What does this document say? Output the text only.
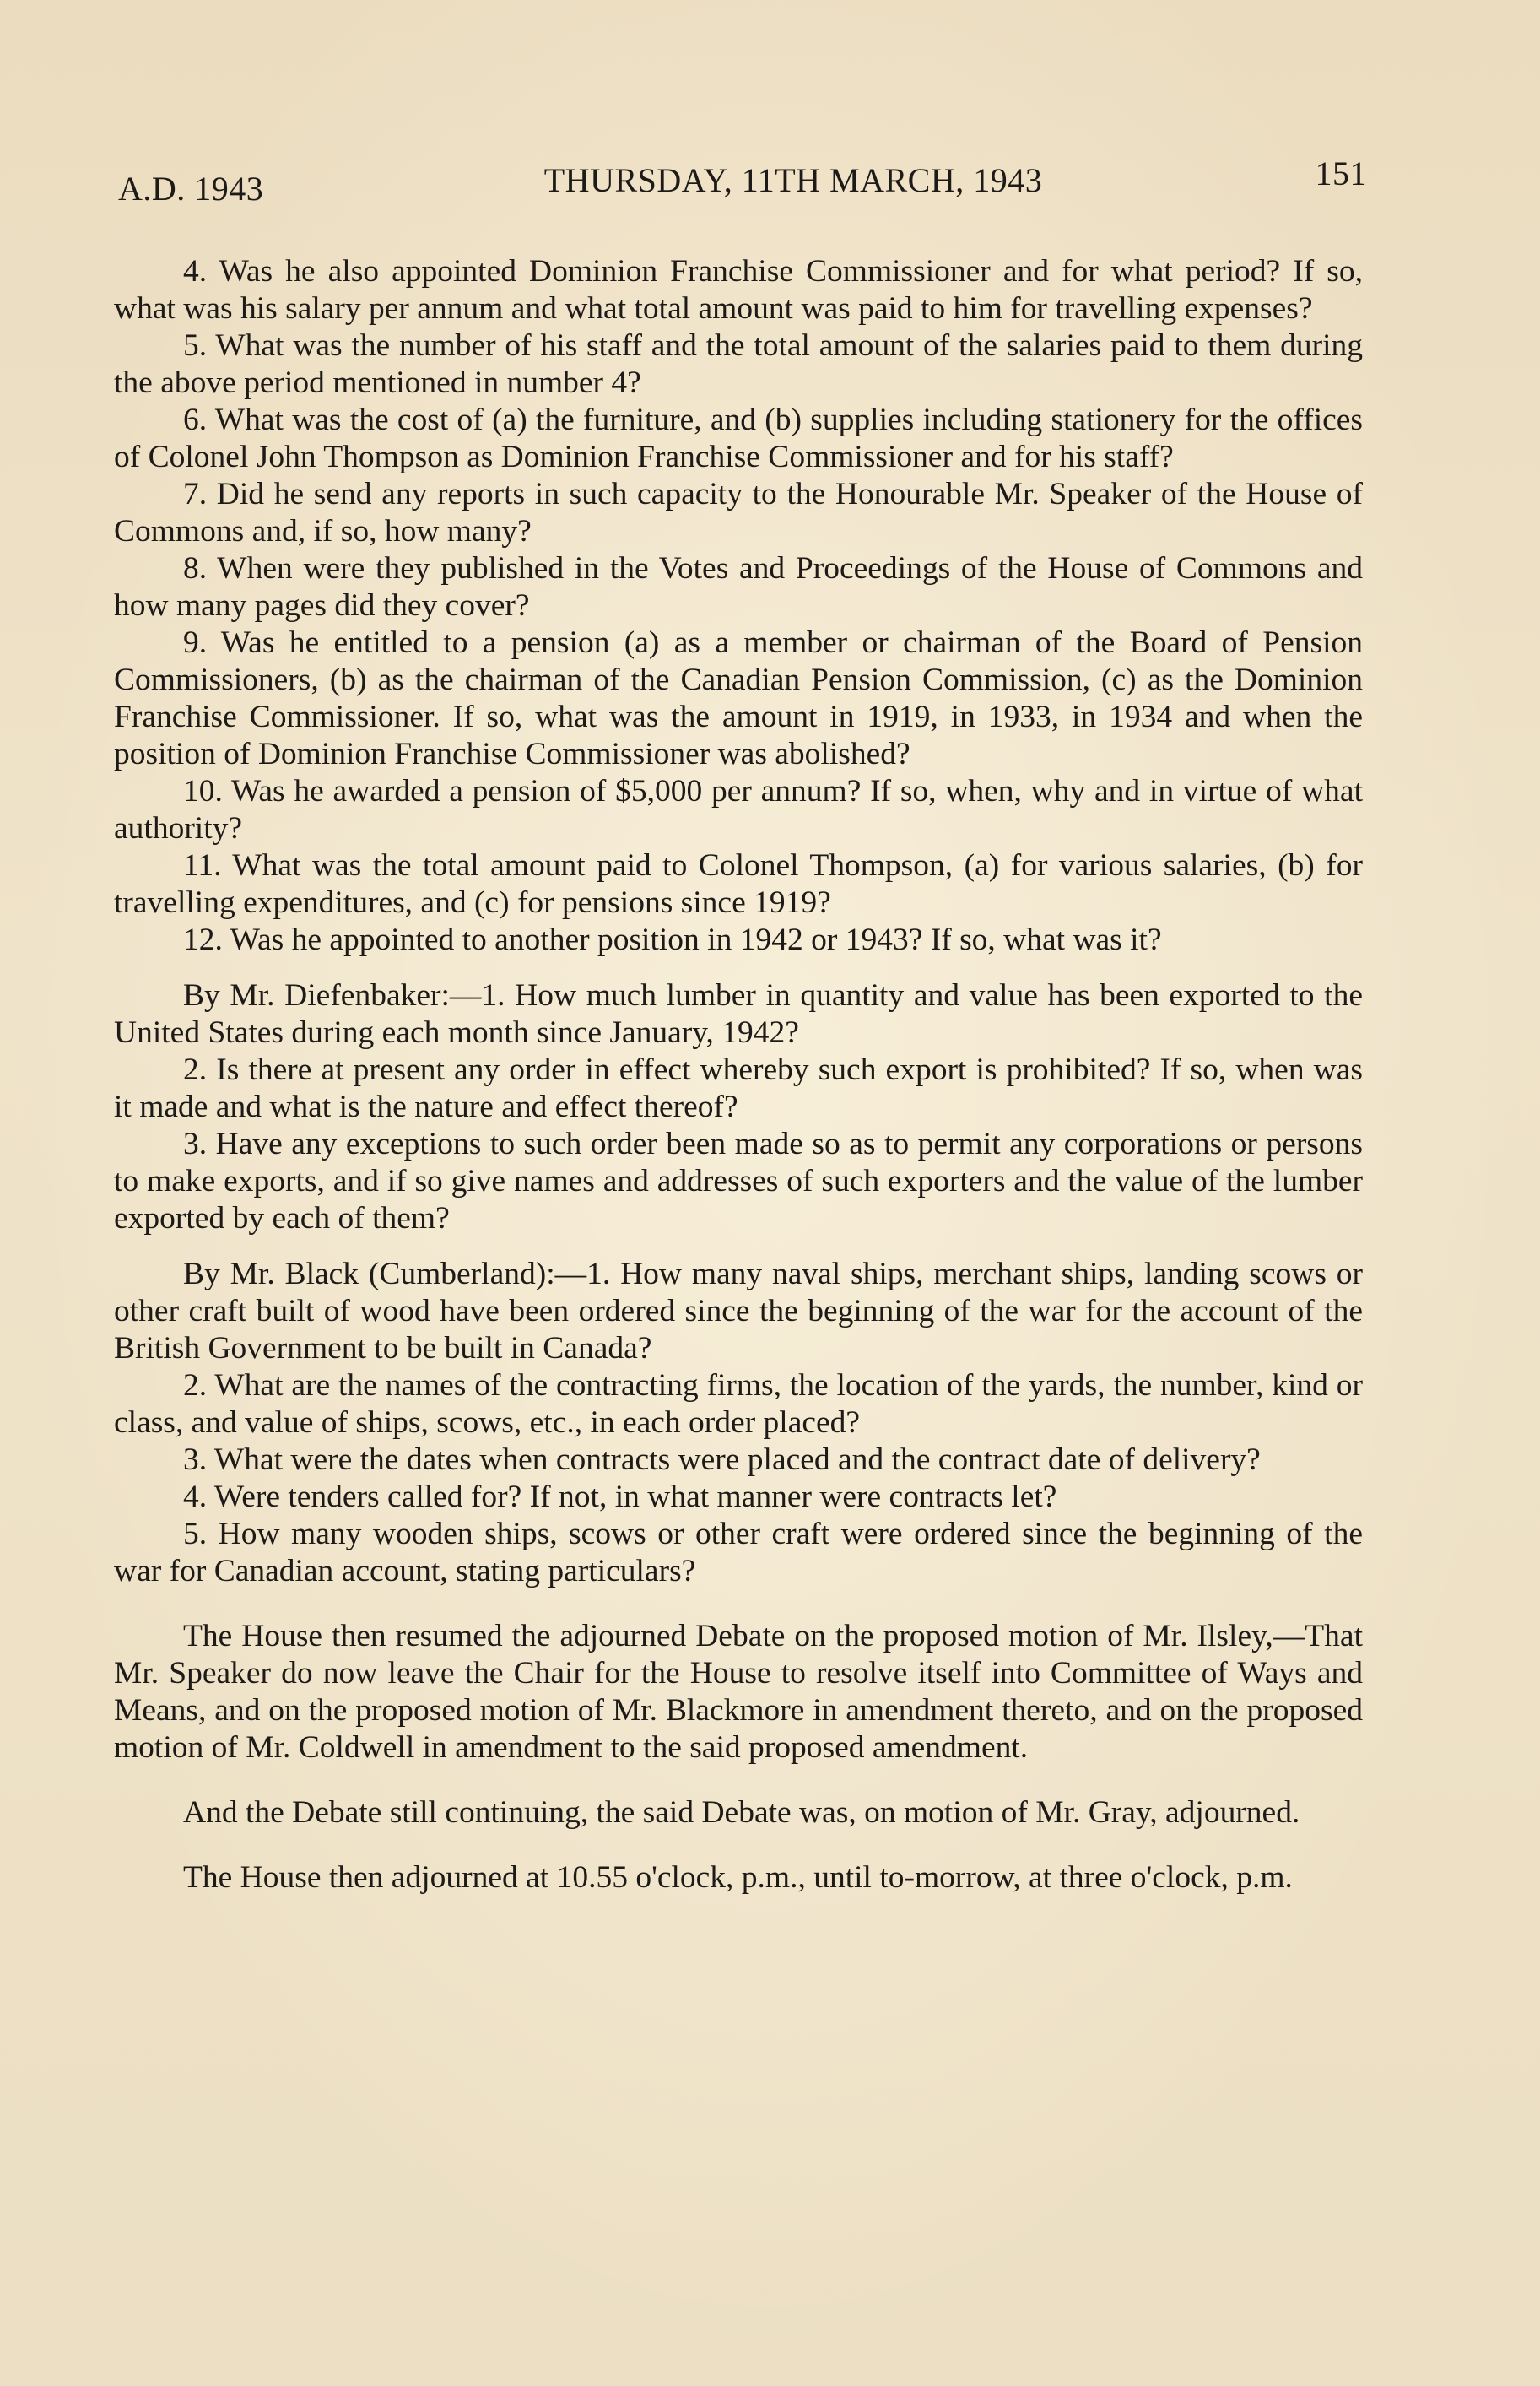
A.D. 1943	THURSDAY, 11TH MARCH, 1943	151

4. Was he also appointed Dominion Franchise Commissioner and for what period? If so, what was his salary per annum and what total amount was paid to him for travelling expenses?

5. What was the number of his staff and the total amount of the salaries paid to them during the above period mentioned in number 4?

6. What was the cost of (a) the furniture, and (b) supplies including stationery for the offices of Colonel John Thompson as Dominion Franchise Commissioner and for his staff?

7. Did he send any reports in such capacity to the Honourable Mr. Speaker of the House of Commons and, if so, how many?

8. When were they published in the Votes and Proceedings of the House of Commons and how many pages did they cover?

9. Was he entitled to a pension (a) as a member or chairman of the Board of Pension Commissioners, (b) as the chairman of the Canadian Pension Commission, (c) as the Dominion Franchise Commissioner. If so, what was the amount in 1919, in 1933, in 1934 and when the position of Dominion Franchise Commissioner was abolished?

10. Was he awarded a pension of $5,000 per annum? If so, when, why and in virtue of what authority?

11. What was the total amount paid to Colonel Thompson, (a) for various salaries, (b) for travelling expenditures, and (c) for pensions since 1919?

12. Was he appointed to another position in 1942 or 1943? If so, what was it?

By Mr. Diefenbaker:—1. How much lumber in quantity and value has been exported to the United States during each month since January, 1942?

2. Is there at present any order in effect whereby such export is prohibited? If so, when was it made and what is the nature and effect thereof?

3. Have any exceptions to such order been made so as to permit any corporations or persons to make exports, and if so give names and addresses of such exporters and the value of the lumber exported by each of them?

By Mr. Black (Cumberland):—1. How many naval ships, merchant ships, landing scows or other craft built of wood have been ordered since the beginning of the war for the account of the British Government to be built in Canada?

2. What are the names of the contracting firms, the location of the yards, the number, kind or class, and value of ships, scows, etc., in each order placed?

3. What were the dates when contracts were placed and the contract date of delivery?

4. Were tenders called for? If not, in what manner were contracts let?

5. How many wooden ships, scows or other craft were ordered since the beginning of the war for Canadian account, stating particulars?

The House then resumed the adjourned Debate on the proposed motion of Mr. Ilsley,—That Mr. Speaker do now leave the Chair for the House to resolve itself into Committee of Ways and Means, and on the proposed motion of Mr. Blackmore in amendment thereto, and on the proposed motion of Mr. Coldwell in amendment to the said proposed amendment.

And the Debate still continuing, the said Debate was, on motion of Mr. Gray, adjourned.

The House then adjourned at 10.55 o'clock, p.m., until to-morrow, at three o'clock, p.m.
